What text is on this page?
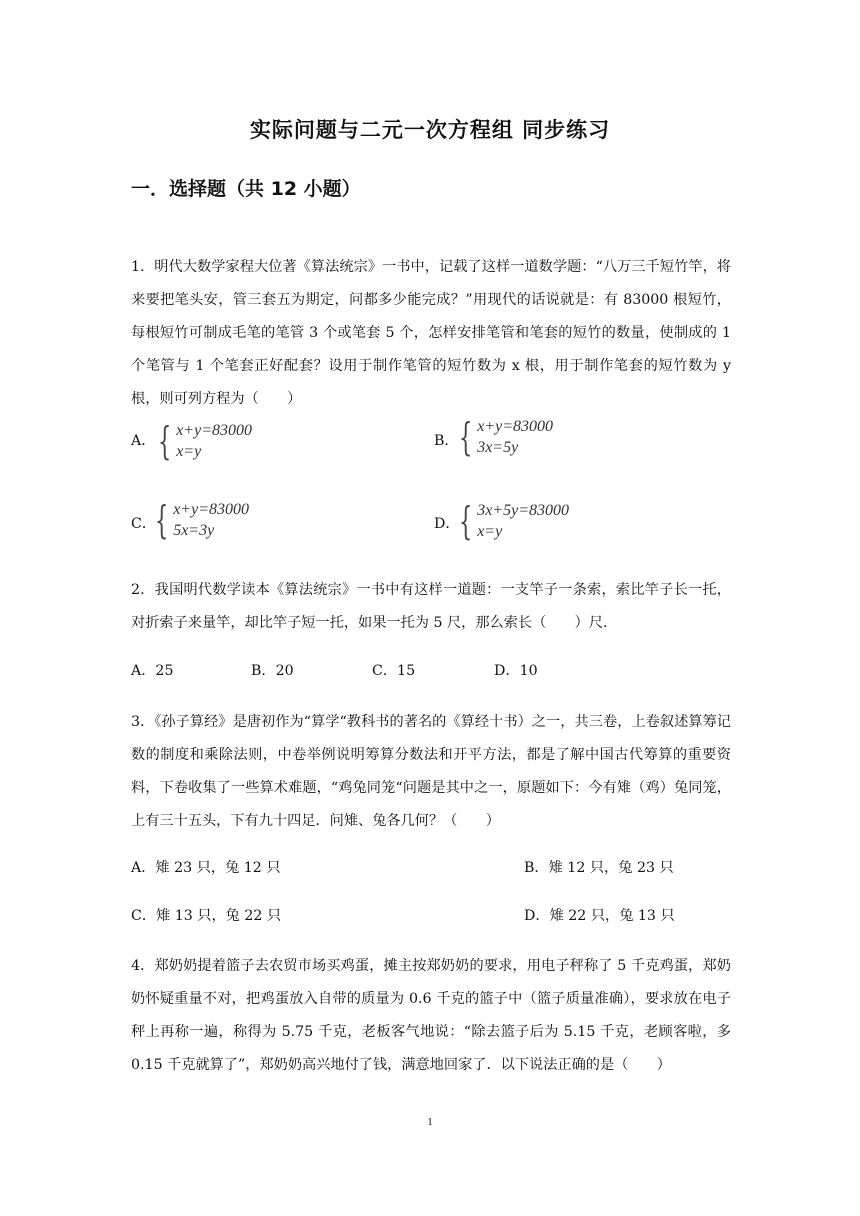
实际问题与二元一次方程组 同步练习
一．选择题（共 12 小题）
1．明代大数学家程大位著《算法统宗》一书中，记载了这样一道数学题：“八万三千短竹竿，将来要把笔头安，管三套五为期定，问都多少能完成？”用现代的话说就是：有 83000 根短竹，每根短竹可制成毛笔的笔管 3 个或笔套 5 个，怎样安排笔管和笔套的短竹的数量，使制成的 1 个笔管与 1 个笔套正好配套？设用于制作笔管的短竹数为 x 根，用于制作笔套的短竹数为 y 根，则可列方程为（　　）
A． { x+y=83000
x=y
B． { x+y=83000
3x=5y
C．
{ x+y=83000
5x=3y	D． { 3x+5y=83000
x=y
2．我国明代数学读本《算法统宗》一书中有这样一道题：一支竿子一条索，索比竿子长一托，对折索子来量竿，却比竿子短一托，如果一托为 5 尺，那么索长（　　）尺．
A．25	B．20	C．15	D．10
3．《孙子算经》是唐初作为“算学“教科书的著名的《算经十书）之一，共三卷，上卷叙述算筹记数的制度和乘除法则，中卷举例说明筹算分数法和开平方法，都是了解中国古代筹算的重要资料，下卷收集了一些算术难题，“鸡兔同笼“问题是其中之一，原题如下：今有雉（鸡）兔同笼，上有三十五头，下有九十四足．问雉、兔各几何？（　　）
A．雉 23 只，兔 12 只	B．雉 12 只，兔 23 只
C．雉 13 只，兔 22 只	D．雉 22 只，兔 13 只
4．郑奶奶提着篮子去农贸市场买鸡蛋，摊主按郑奶奶的要求，用电子秤称了 5 千克鸡蛋，郑奶奶怀疑重量不对，把鸡蛋放入自带的质量为 0.6 千克的篮子中（篮子质量准确），要求放在电子秤上再称一遍，称得为 5.75 千克，老板客气地说：“除去篮子后为 5.15 千克，老顾客啦，多 0.15 千克就算了”，郑奶奶高兴地付了钱，满意地回家了．以下说法正确的是（　　）
1
